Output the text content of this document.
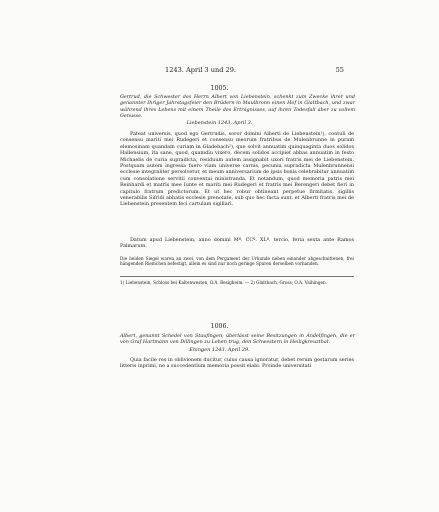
1243. April 3 und 29.	55
1005.
Gertrud, die Schwester des Herrn Albert von Liebenstein, schenkt zum Zwecke ihrer und genannter Ihriger Jahrstagsfeier den Brüdern in Maulbronn einen Hof in Glattbach, und zwar während ihres Lebens mit einem Theile des Erträgnisses, auf ihren Todesfall aber zu vollem Genusse.
Liebenstein 1243. April 3.
Pateat universis, quod ego Gertrudis, soror domini Alberti de Liebenstein¹), contuli de consensu mariti mei Rudegeri et consensu meorum fratribus de Mulenbrunne in puram elemosinam quandam curiam in Gladebach²), que solvit annuatim quinquaginta duos solidos Hallensium, ita sane, quod, quamdiu vixero, decem solidos accipiet abbas annuatim in festo Michaelis de curia supradicta, residuum autem assignabit uxori fratris mei de Liebenstein. Postquam autem ingressa fuero viam universe carnis, pecunia supradicta Mulenbrunnensi ecclesie integraliter persolvetur, et meum anniversarium de ipsis bonis celebrabitur annuatim cum consolatione servitii conventui ministranda. Et notandum, quod memoria patris mei Reinhardi et matris mee Iunte et mariti mei Rudegeri et fratris mei Berengeri debet fieri in capitulo fratrum predictorum. Et ut hec robur obtineant perpetue firmitatis, sigillis venerabilis Sifridi abbatis ecclesie prenotate, sub quo hec facta sunt, et Alberti fratris mei de Liebenstein presentem feci cartulam sigillari.
Datum apud Liebenstein, anno domini Mº. CCº. XLº. tercio, feria sexta ante Ramos Palmarum.
Die beiden Siegel waren an zwei, von dem Pergament der Urkunde neben einander abgeschnittenen, frei hängenden Riemchen befestigt, allein es sind nur noch geringe Spuren derselben vorhanden.
1) Liebenstein, Schloss bei Kaltenwesten, O.A. Besigheim. — 2) Glattbach, Gross; O.A. Vaihingen.
1006.
Albert, genannt Schedel von Staufingen, überlässt seine Besitzungen in Andelfingen, die er von Graf Hartmann von Dillingen zu Lehen trug, den Schwestern in Heiligkreuzthal.
Ehingen 1243. April 29.
Quia facile res in oblivionem ducitur, cuius causa ignoratur, debet rerum gestarum series litteris inprimi, ne a succedentium memoria possit elabi. Proinde universitati
